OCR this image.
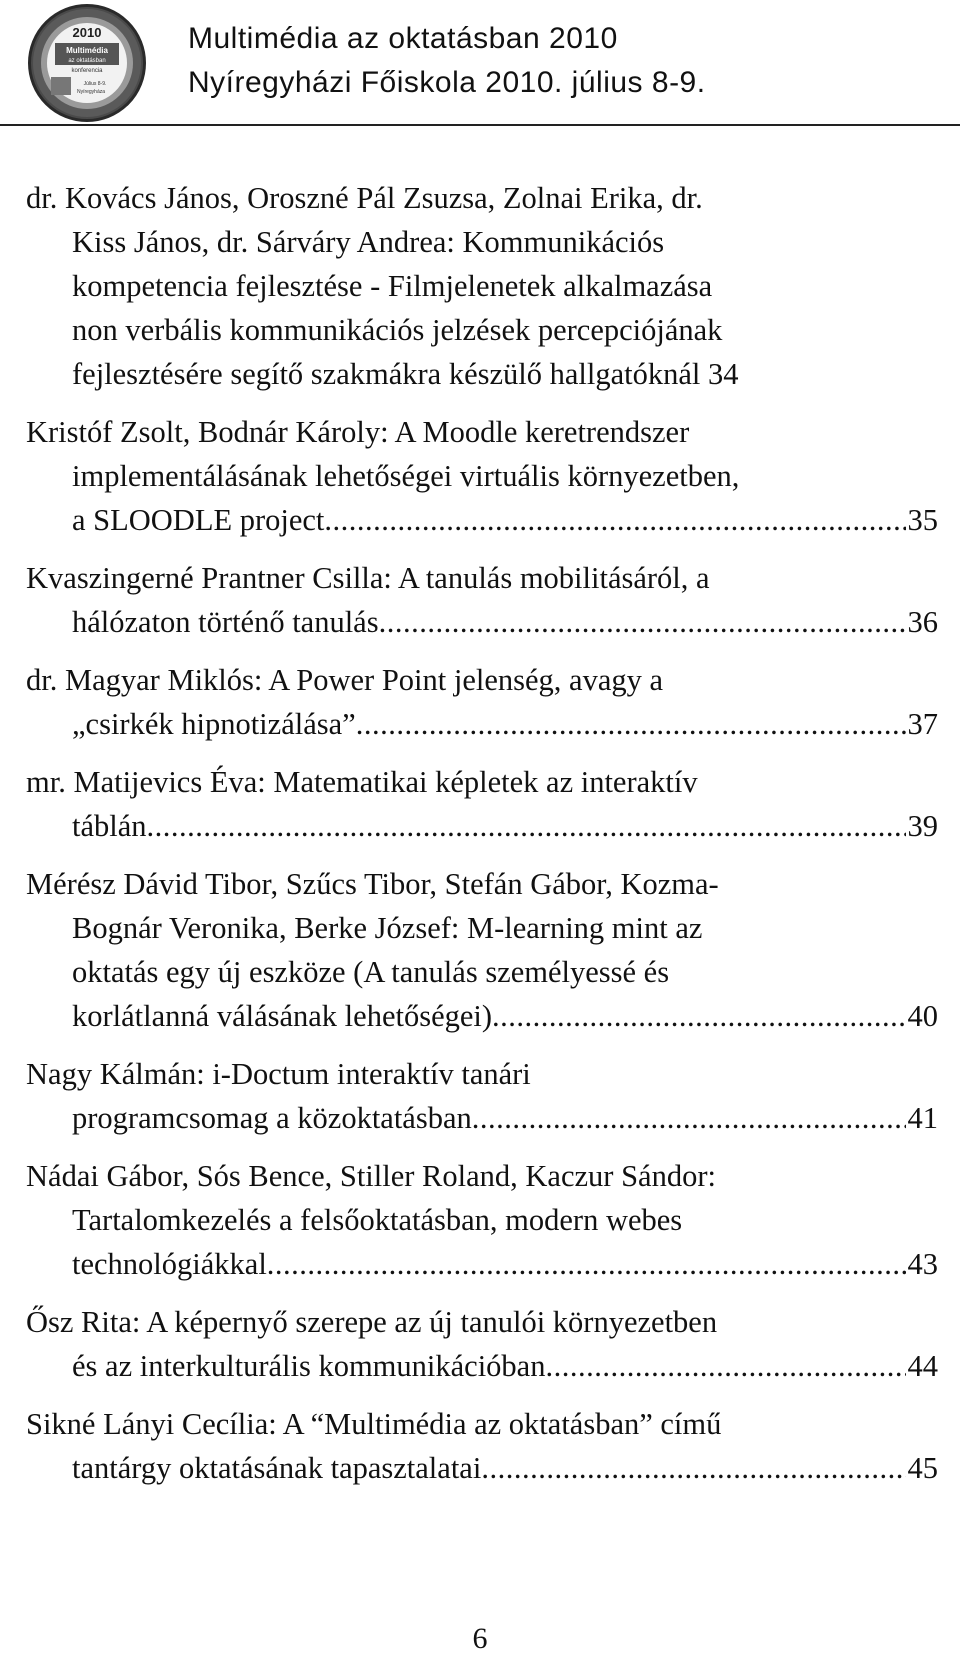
2010
Multimédia
az oktatásban
konferencia
Július 8-9.
Nyíregyháza
Multimédia az oktatásban 2010
Nyíregyházi Főiskola 2010. július 8-9.
dr. Kovács János, Oroszné Pál Zsuzsa, Zolnai Erika, dr.
Kiss János, dr. Sárváry Andrea: Kommunikációs
kompetencia fejlesztése - Filmjelenetek alkalmazása
non verbális kommunikációs jelzések percepciójának
fejlesztésére segítő szakmákra készülő hallgatóknál 34
Kristóf Zsolt, Bodnár Károly: A Moodle keretrendszer
implementálásának lehetőségei virtuális környezetben,
a SLOODLE project .....	35
Kvaszingerné Prantner Csilla: A tanulás mobilitásáról, a
hálózaton történő tanulás .....	36
dr. Magyar Miklós: A Power Point jelenség, avagy a
„csirkék hipnotizálása” .....	37
mr. Matijevics Éva: Matematikai képletek az interaktív
táblán .....	39
Mérész Dávid Tibor, Szűcs Tibor, Stefán Gábor, Kozma-
Bognár Veronika, Berke József: M-learning mint az
oktatás egy új eszköze (A tanulás személyessé és
korlátlanná válásának lehetőségei) .....	40
Nagy Kálmán: i-Doctum interaktív tanári
programcsomag a közoktatásban .....	41
Nádai Gábor, Sós Bence, Stiller Roland, Kaczur Sándor:
Tartalomkezelés a felsőoktatásban, modern webes
technológiákkal .....	43
Ősz Rita: A képernyő szerepe az új tanulói környezetben
és az interkulturális kommunikációban .....	44
Sikné Lányi Cecília: A “Multimédia az oktatásban” című
tantárgy oktatásának tapasztalatai .....	45
6
